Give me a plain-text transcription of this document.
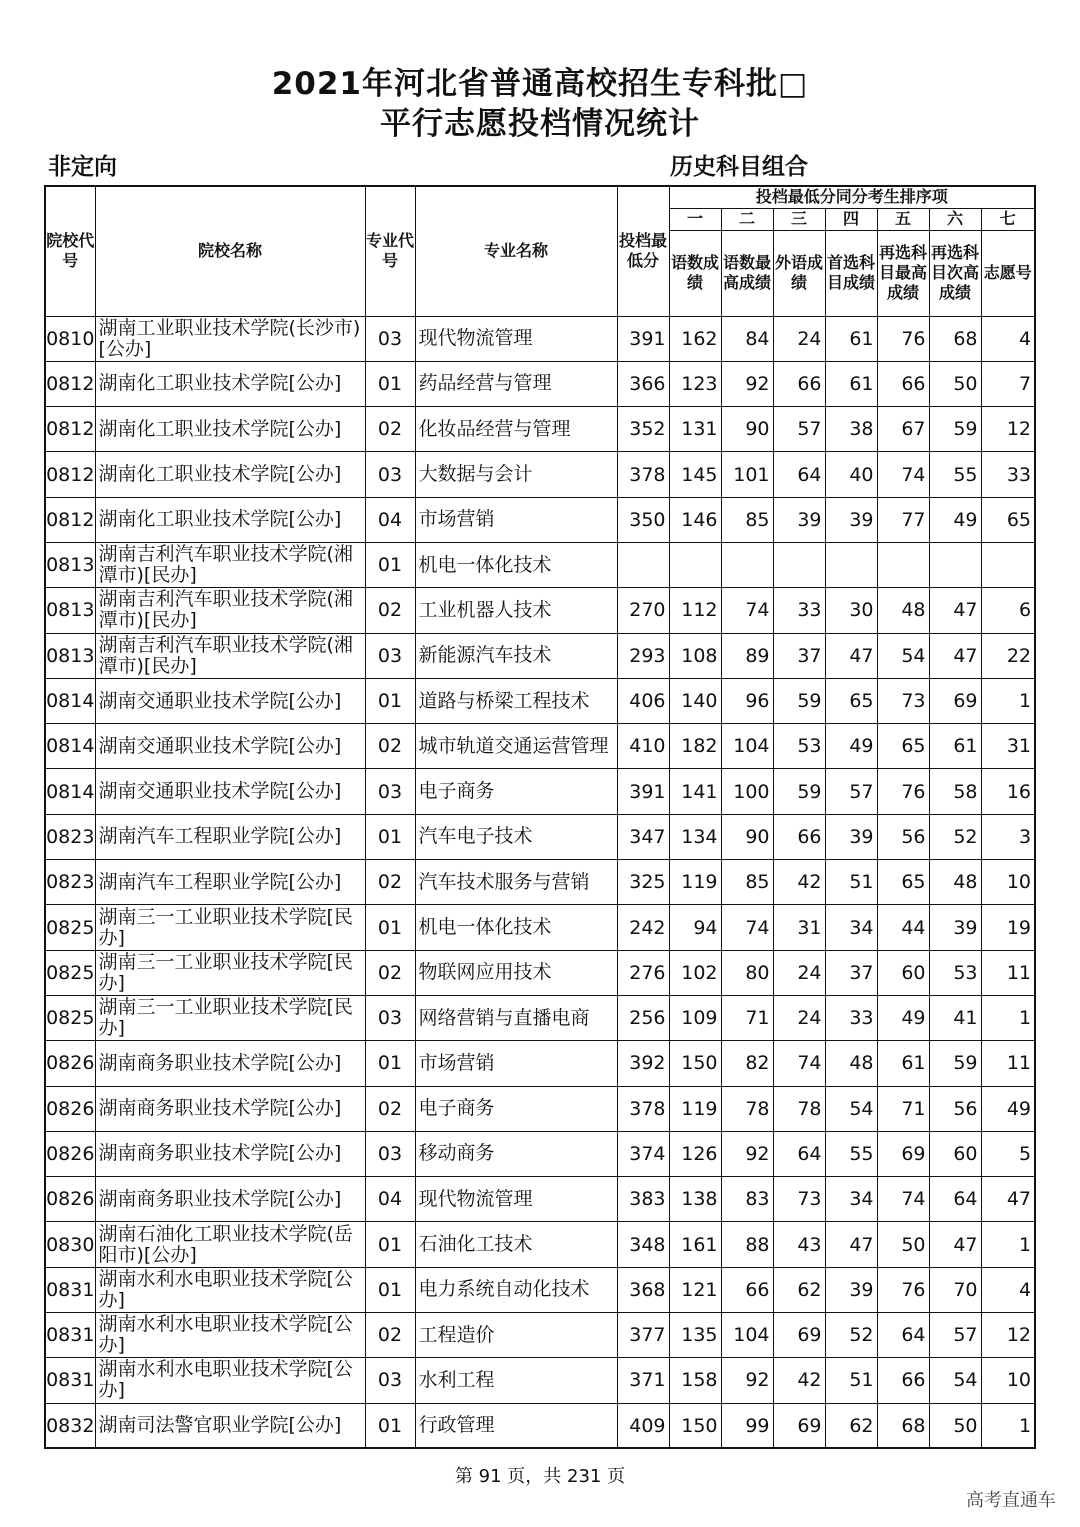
2021年河北省普通高校招生专科批□
平行志愿投档情况统计
非定向	历史科目组合
院校代号	院校名称	专业代号	专业名称	投档最低分	投档最低分同分考生排序项						
					一	二	三	四	五	六	七
					语数成绩	语数最高成绩	外语成绩	首选科目成绩	再选科目最高成绩	再选科目次高成绩	志愿号
0810	湖南工业职业技术学院(长沙市)[公办]	03	现代物流管理	391	162	84	24	61	76	68	4
0812	湖南化工职业技术学院[公办]	01	药品经营与管理	366	123	92	66	61	66	50	7
0812	湖南化工职业技术学院[公办]	02	化妆品经营与管理	352	131	90	57	38	67	59	12
0812	湖南化工职业技术学院[公办]	03	大数据与会计	378	145	101	64	40	74	55	33
0812	湖南化工职业技术学院[公办]	04	市场营销	350	146	85	39	39	77	49	65
0813	湖南吉利汽车职业技术学院(湘潭市)[民办]	01	机电一体化技术								
0813	湖南吉利汽车职业技术学院(湘潭市)[民办]	02	工业机器人技术	270	112	74	33	30	48	47	6
0813	湖南吉利汽车职业技术学院(湘潭市)[民办]	03	新能源汽车技术	293	108	89	37	47	54	47	22
0814	湖南交通职业技术学院[公办]	01	道路与桥梁工程技术	406	140	96	59	65	73	69	1
0814	湖南交通职业技术学院[公办]	02	城市轨道交通运营管理	410	182	104	53	49	65	61	31
0814	湖南交通职业技术学院[公办]	03	电子商务	391	141	100	59	57	76	58	16
0823	湖南汽车工程职业学院[公办]	01	汽车电子技术	347	134	90	66	39	56	52	3
0823	湖南汽车工程职业学院[公办]	02	汽车技术服务与营销	325	119	85	42	51	65	48	10
0825	湖南三一工业职业技术学院[民办]	01	机电一体化技术	242	94	74	31	34	44	39	19
0825	湖南三一工业职业技术学院[民办]	02	物联网应用技术	276	102	80	24	37	60	53	11
0825	湖南三一工业职业技术学院[民办]	03	网络营销与直播电商	256	109	71	24	33	49	41	1
0826	湖南商务职业技术学院[公办]	01	市场营销	392	150	82	74	48	61	59	11
0826	湖南商务职业技术学院[公办]	02	电子商务	378	119	78	78	54	71	56	49
0826	湖南商务职业技术学院[公办]	03	移动商务	374	126	92	64	55	69	60	5
0826	湖南商务职业技术学院[公办]	04	现代物流管理	383	138	83	73	34	74	64	47
0830	湖南石油化工职业技术学院(岳阳市)[公办]	01	石油化工技术	348	161	88	43	47	50	47	1
0831	湖南水利水电职业技术学院[公办]	01	电力系统自动化技术	368	121	66	62	39	76	70	4
0831	湖南水利水电职业技术学院[公办]	02	工程造价	377	135	104	69	52	64	57	12
0831	湖南水利水电职业技术学院[公办]	03	水利工程	371	158	92	42	51	66	54	10
0832	湖南司法警官职业学院[公办]	01	行政管理	409	150	99	69	62	68	50	1
第 91 页，共 231 页
高考直通车
